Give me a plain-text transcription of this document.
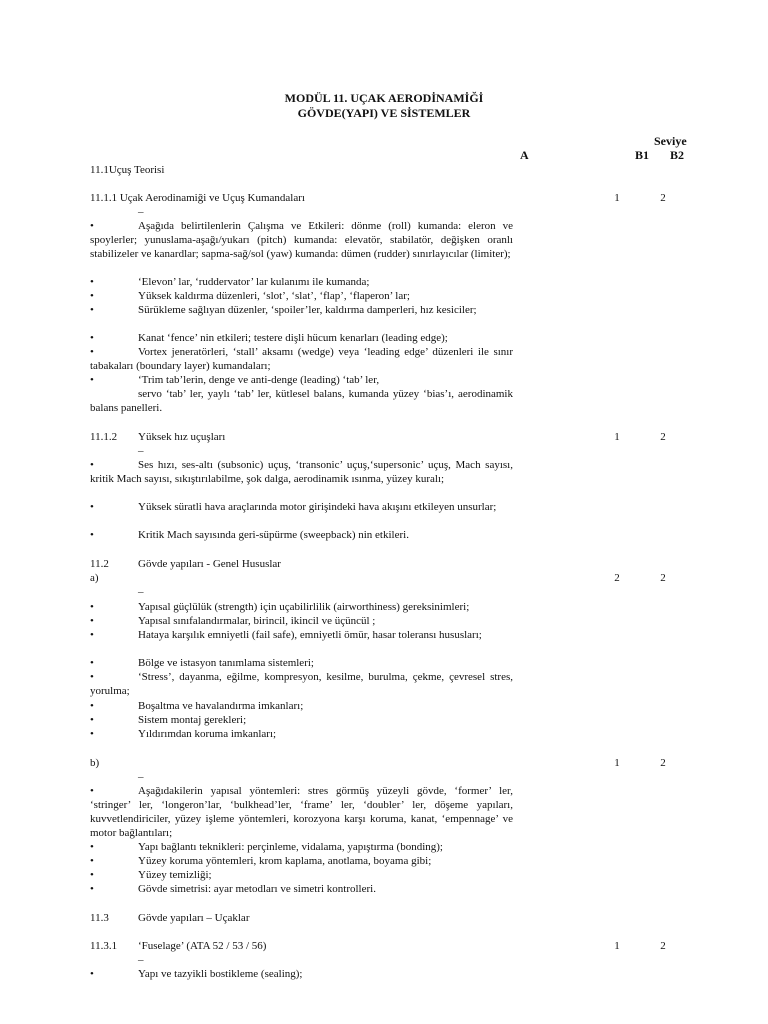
MODÜL 11. UÇAK AERODİNAMİĞİ
GÖVDE(YAPI) VE SİSTEMLER
Seviye
A	B1 B2
11.1Uçuş Teorisi
11.1.1 Uçak Aerodinamiği ve Uçuş Kumandaları	1	2
–
•	Aşağıda belirtilenlerin Çalışma ve Etkileri: dönme (roll) kumanda: eleron ve spoylerler; yunuslama-aşağı/yukarı (pitch) kumanda: elevatör, stabilatör, değişken oranlı stabilizeler ve kanardlar; sapma-sağ/sol (yaw) kumanda: dümen (rudder) sınırlayıcılar (limiter);
•	‘Elevon’ lar, ‘ruddervator’ lar kulanımı ile kumanda;
•	Yüksek kaldırma düzenleri, ‘slot’, ‘slat’, ‘flap’, ‘flaperon’ lar;
•	Sürükleme sağlıyan düzenler, ‘spoiler’ler, kaldırma damperleri, hız kesiciler;
•	Kanat ‘fence’ nin etkileri; testere dişli hücum kenarları (leading edge);
•	Vortex jeneratörleri, ‘stall’ aksamı (wedge) veya ‘leading edge’ düzenleri ile sınır tabakaları (boundary layer) kumandaları;
•	‘Trim tab’lerin, denge ve anti-denge (leading) ‘tab’ ler,
servo ‘tab’ ler, yaylı ‘tab’ ler, kütlesel balans, kumanda yüzey ‘bias’ı, aerodinamik balans panelleri.
11.1.2 Yüksek hız uçuşları	1	2
–
•	Ses hızı, ses-altı (subsonic) uçuş, ‘transonic’ uçuş,‘supersonic’ uçuş, Mach sayısı, kritik Mach sayısı, sıkıştırılabilme, şok dalga, aerodinamik ısınma, yüzey kuralı;
•	Yüksek süratli hava araçlarında motor girişindeki hava akışını etkileyen unsurlar;
•	Kritik Mach sayısında geri-süpürme (sweepback) nin etkileri.
11.2	Gövde yapıları - Genel Hususlar
a)	2	2
–
•	Yapısal güçlülük (strength) için uçabilirlilik (airworthiness) gereksinimleri;
•	Yapısal sınıfalandırmalar, birincil, ikincil ve üçüncül ;
•	Hataya karşılık emniyetli (fail safe), emniyetli ömür, hasar toleransı hususları;
•	Bölge ve istasyon tanımlama sistemleri;
•	‘Stress’, dayanma, eğilme, kompresyon, kesilme, burulma, çekme, çevresel stres, yorulma;
•	Boşaltma ve havalandırma imkanları;
•	Sistem montaj gerekleri;
•	Yıldırımdan koruma imkanları;
b)	1	2
–
•	Aşağıdakilerin yapısal yöntemleri: stres görmüş yüzeyli gövde, ‘former’ ler, ‘stringer’ ler, ‘longeron’lar, ‘bulkhead’ler, ‘frame’ ler, ‘doubler’ ler, döşeme yapıları, kuvvetlendiriciler, yüzey işleme yöntemleri, korozyona karşı koruma, kanat, ‘empennage’ ve motor bağlantıları;
•	Yapı bağlantı teknikleri: perçinleme, vidalama, yapıştırma (bonding);
•	Yüzey koruma yöntemleri, krom kaplama, anotlama, boyama gibi;
•	Yüzey temizliği;
•	Gövde simetrisi: ayar metodları ve simetri kontrolleri.
11.3	Gövde yapıları – Uçaklar
11.3.1 ‘Fuselage’ (ATA 52 / 53 / 56)	1	2
–
•	Yapı ve tazyikli bostikleme (sealing);
